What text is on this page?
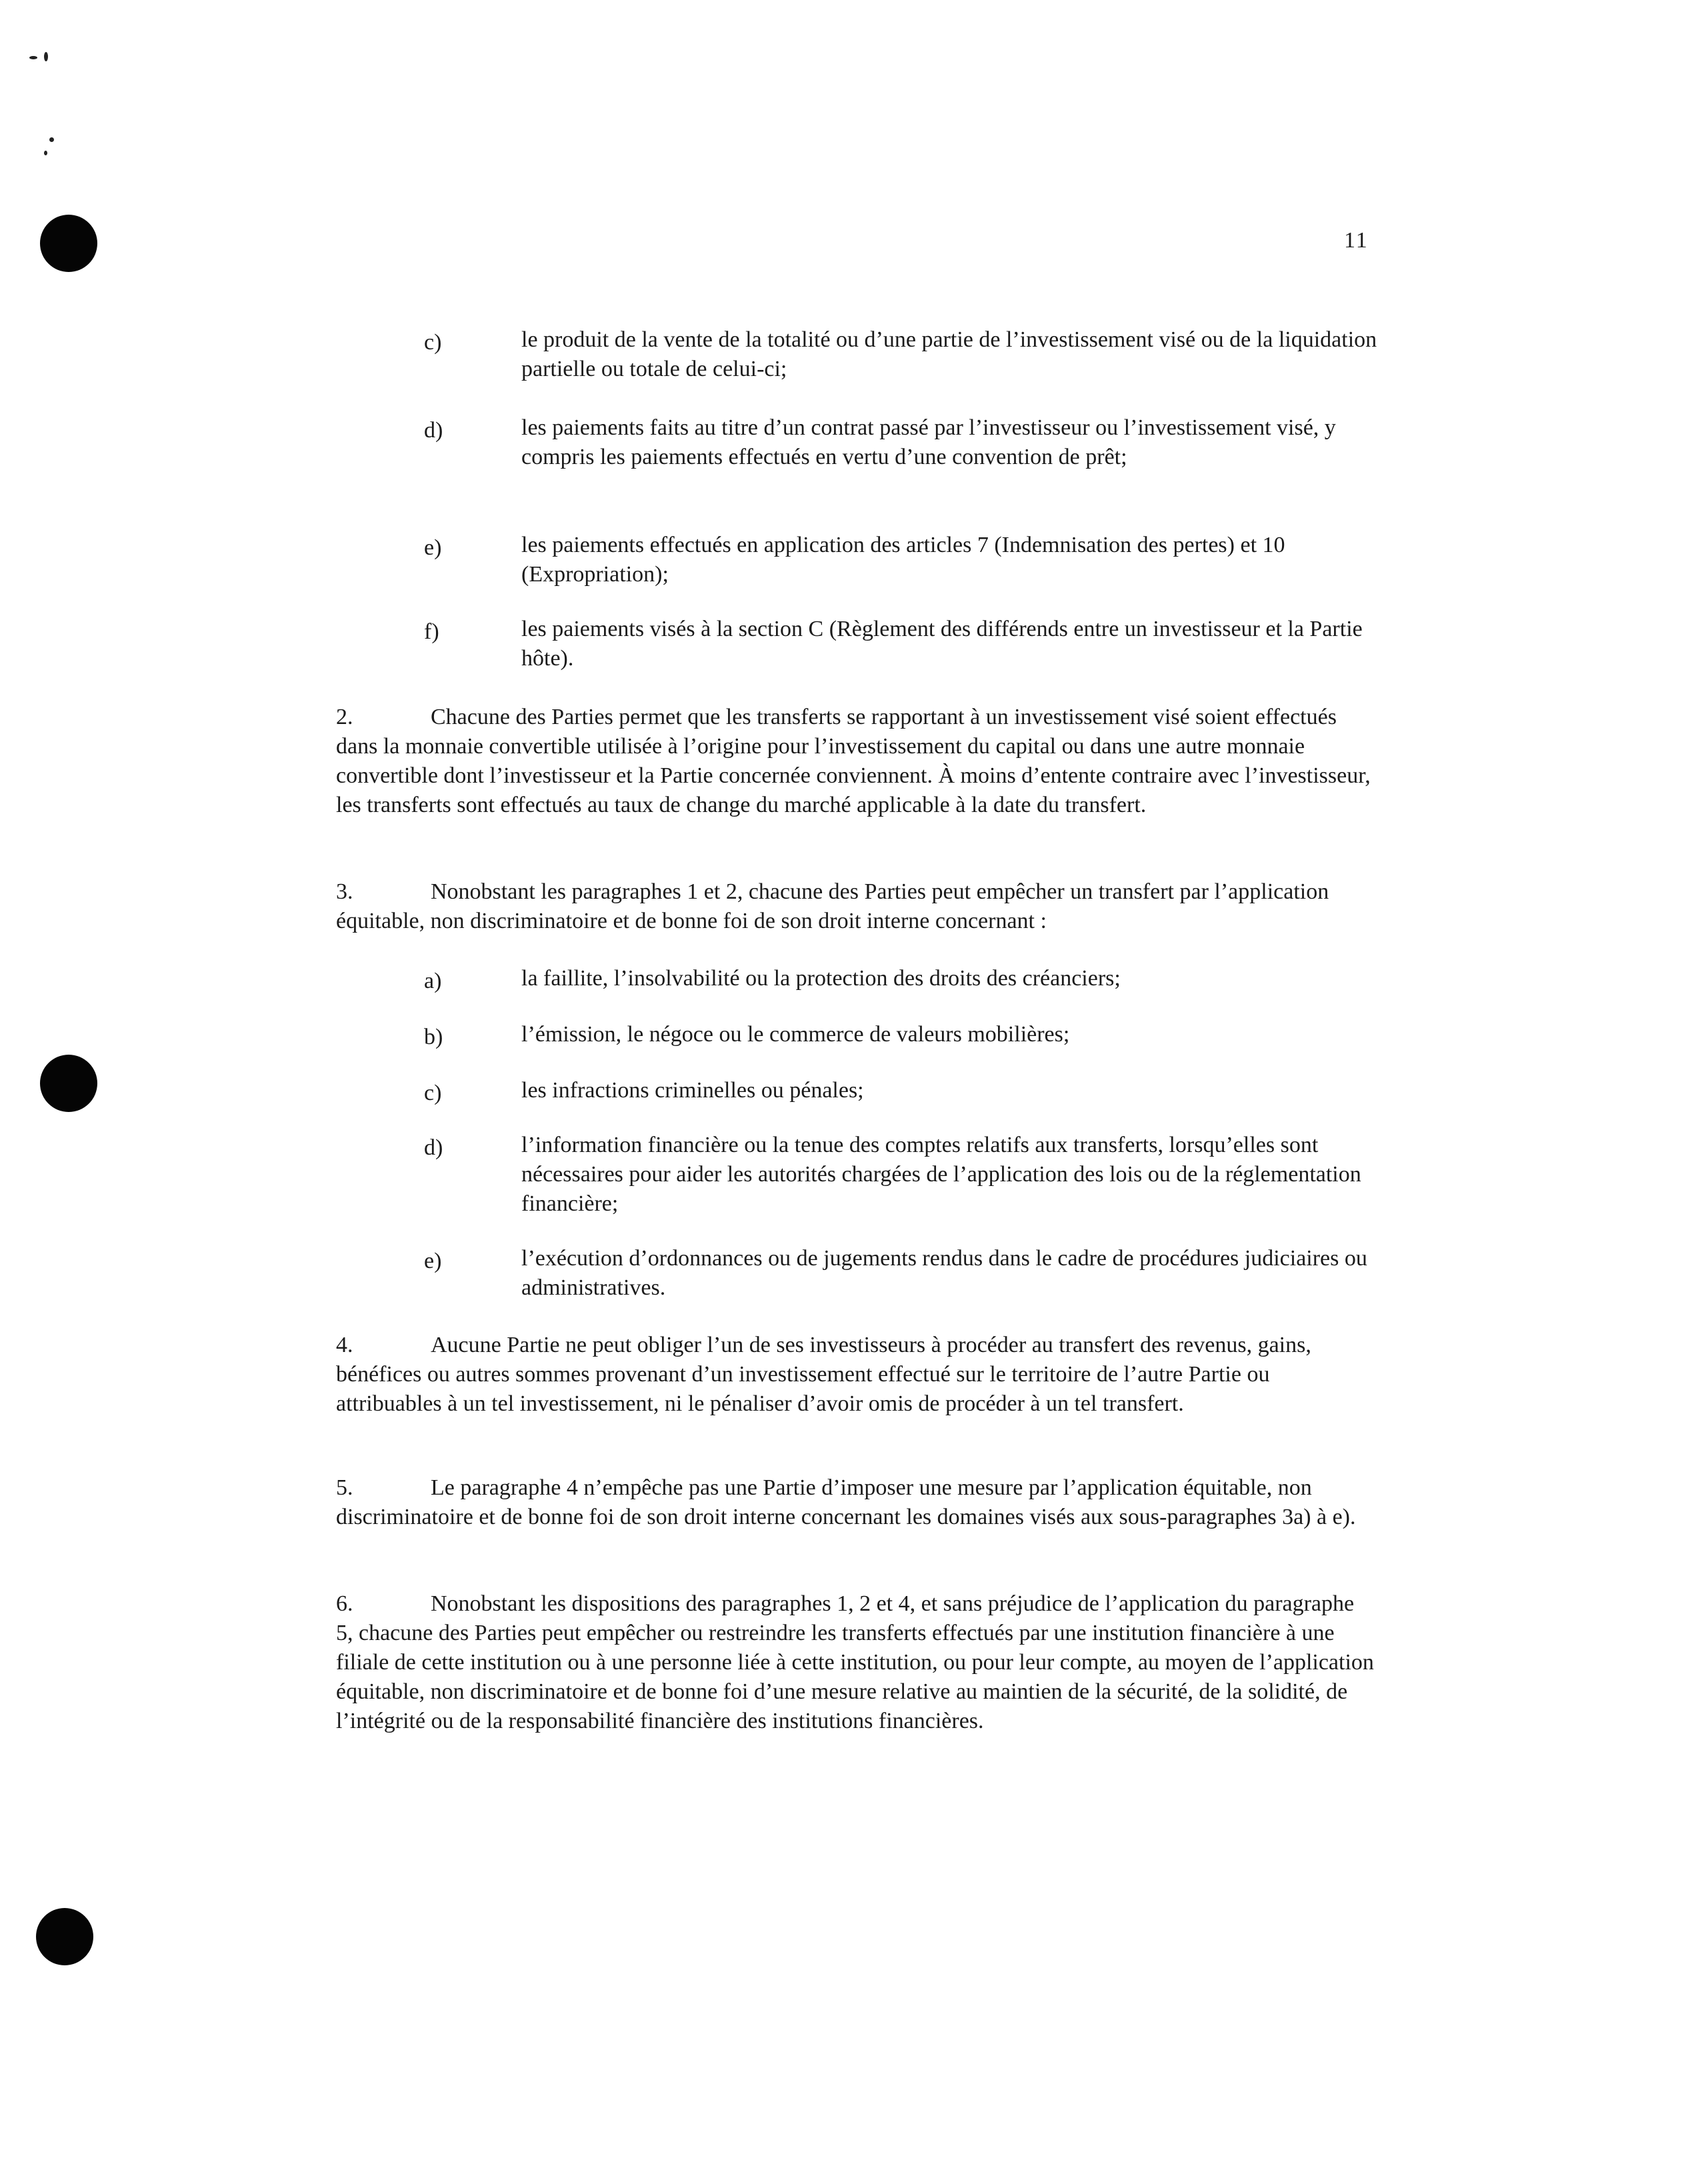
11
c)	le produit de la vente de la totalité ou d’une partie de l’investissement visé ou de la liquidation partielle ou totale de celui-ci;
d)	les paiements faits au titre d’un contrat passé par l’investisseur ou l’investissement visé, y compris les paiements effectués en vertu d’une convention de prêt;
e)	les paiements effectués en application des articles 7 (Indemnisation des pertes) et 10 (Expropriation);
f)	les paiements visés à la section C (Règlement des différends entre un investisseur et la Partie hôte).
2.	Chacune des Parties permet que les transferts se rapportant à un investissement visé soient effectués dans la monnaie convertible utilisée à l’origine pour l’investissement du capital ou dans une autre monnaie convertible dont l’investisseur et la Partie concernée conviennent. À moins d’entente contraire avec l’investisseur, les transferts sont effectués au taux de change du marché applicable à la date du transfert.
3.	Nonobstant les paragraphes 1 et 2, chacune des Parties peut empêcher un transfert par l’application équitable, non discriminatoire et de bonne foi de son droit interne concernant :
a)	la faillite, l’insolvabilité ou la protection des droits des créanciers;
b)	l’émission, le négoce ou le commerce de valeurs mobilières;
c)	les infractions criminelles ou pénales;
d)	l’information financière ou la tenue des comptes relatifs aux transferts, lorsqu’elles sont nécessaires pour aider les autorités chargées de l’application des lois ou de la réglementation financière;
e)	l’exécution d’ordonnances ou de jugements rendus dans le cadre de procédures judiciaires ou administratives.
4.	Aucune Partie ne peut obliger l’un de ses investisseurs à procéder au transfert des revenus, gains, bénéfices ou autres sommes provenant d’un investissement effectué sur le territoire de l’autre Partie ou attribuables à un tel investissement, ni le pénaliser d’avoir omis de procéder à un tel transfert.
5.	Le paragraphe 4 n’empêche pas une Partie d’imposer une mesure par l’application équitable, non discriminatoire et de bonne foi de son droit interne concernant les domaines visés aux sous-paragraphes 3a) à e).
6.	Nonobstant les dispositions des paragraphes 1, 2 et 4, et sans préjudice de l’application du paragraphe 5, chacune des Parties peut empêcher ou restreindre les transferts effectués par une institution financière à une filiale de cette institution ou à une personne liée à cette institution, ou pour leur compte, au moyen de l’application équitable, non discriminatoire et de bonne foi d’une mesure relative au maintien de la sécurité, de la solidité, de l’intégrité ou de la responsabilité financière des institutions financières.
